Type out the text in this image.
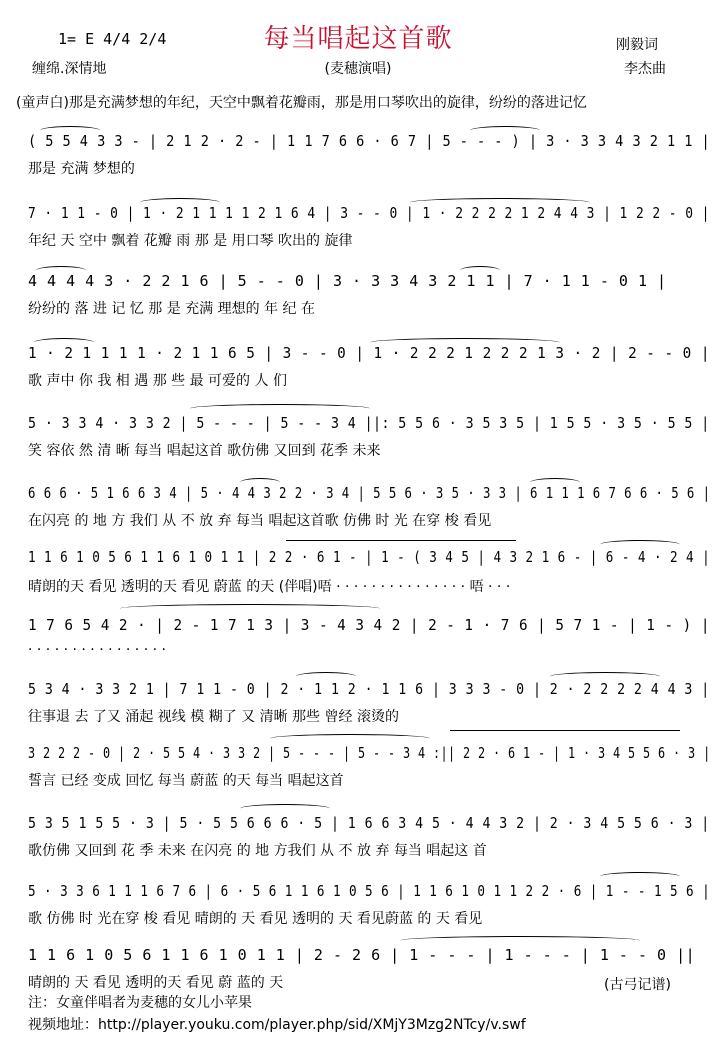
每当唱起这首歌
(麦穗演唱)
1= E 4/4 2/4
缠绵.深情地
刚毅词
李杰曲
(童声白)那是充满梦想的年纪，天空中飘着花瓣雨，那是用口琴吹出的旋律，纷纷的落进记忆
( 5 5 4 3 3 - | 2 1 2 · 2 - | 1 1 7 6 6 · 6 7 | 5 - - - ) | 3 · 3 3 4 3 2 1 1 |
那是 充满 梦想的
7 · 1 1 - 0 | 1 · 2 1 1 1 1 2 1 6 4 | 3 - - 0 | 1 · 2 2 2 2 1 2 4 4 3 | 1 2 2 - 0 |
年纪 天 空中 飘着 花瓣 雨 那 是 用口琴 吹出的 旋律
4 4 4 4 3 · 2 2 1 6 | 5 - - 0 | 3 · 3 3 4 3 2 1 1 | 7 · 1 1 - 0 1 |
纷纷的 落 进 记 忆 那 是 充满 理想的 年 纪 在
1 · 2 1 1 1 1 · 2 1 1 6 5 | 3 - - 0 | 1 · 2 2 2 1 2 2 2 1 3 · 2 | 2 - - 0 |
歌 声中 你 我 相 遇 那 些 最 可爱的 人 们
5 · 3 3 4 · 3 3 2 | 5 - - - | 5 - - 3 4 ||: 5 5 6 · 3 5 3 5 | 1 5 5 · 3 5 · 5 5 |
笑 容依 然 清 晰 每当 唱起这首 歌仿佛 又回到 花季 未来
6 6 6 · 5 1 6 6 3 4 | 5 · 4 4 3 2 2 · 3 4 | 5 5 6 · 3 5 · 3 3 | 6 1 1 1 6 7 6 6 · 5 6 |
在闪亮 的 地 方 我们 从 不 放 弃 每当 唱起这首歌 仿佛 时 光 在穿 梭 看见
1 1 6 1 0 5 6 1 1 6 1 0 1 1 | 2 2 · 6 1 - | 1 - ( 3 4 5 | 4 3 2 1 6 - | 6 - 4 · 2 4 |
晴朗的天 看见 透明的天 看见 蔚蓝 的天 (伴唱)唔 · · · · · · · · · · · · · · · 唔 · · ·
1 7 6 5 4 2 · | 2 - 1 7 1 3 | 3 - 4 3 4 2 | 2 - 1 · 7 6 | 5 7 1 - | 1 - ) |
· · · · · · · · · · · · · · · ·
5 3 4 · 3 3 2 1 | 7 1 1 - 0 | 2 · 1 1 2 · 1 1 6 | 3 3 3 - 0 | 2 · 2 2 2 2 4 4 3 |
往事退 去 了又 涌起 视线 模 糊了 又 清晰 那些 曾经 滚烫的
3 2 2 2 - 0 | 2 · 5 5 4 · 3 3 2 | 5 - - - | 5 - - 3 4 :|| 2 2 · 6 1 - | 1 · 3 4 5 5 6 · 3 |
誓言 已经 变成 回忆 每当 蔚蓝 的天 每当 唱起这首
5 3 5 1 5 5 · 3 | 5 · 5 5 6 6 6 · 5 | 1 6 6 3 4 5 · 4 4 3 2 | 2 · 3 4 5 5 6 · 3 |
歌仿佛 又回到 花 季 未来 在闪亮 的 地 方我们 从 不 放 弃 每当 唱起这 首
5 · 3 3 6 1 1 1 6 7 6 | 6 · 5 6 1 1 6 1 0 5 6 | 1 1 6 1 0 1 1 2 2 · 6 | 1 - - 1 5 6 |
歌 仿佛 时 光在穿 梭 看见 晴朗的 天 看见 透明的 天 看见蔚蓝 的 天 看见
1 1 6 1 0 5 6 1 1 6 1 0 1 1 | 2 - 2 6 | 1 - - - | 1 - - - | 1 - - 0 ||
晴朗的 天 看见 透明的天 看见 蔚 蓝的 天	(古弓记谱)
注：女童伴唱者为麦穗的女儿小苹果
视频地址：http://player.youku.com/player.php/sid/XMjY3Mzg2NTcy/v.swf
